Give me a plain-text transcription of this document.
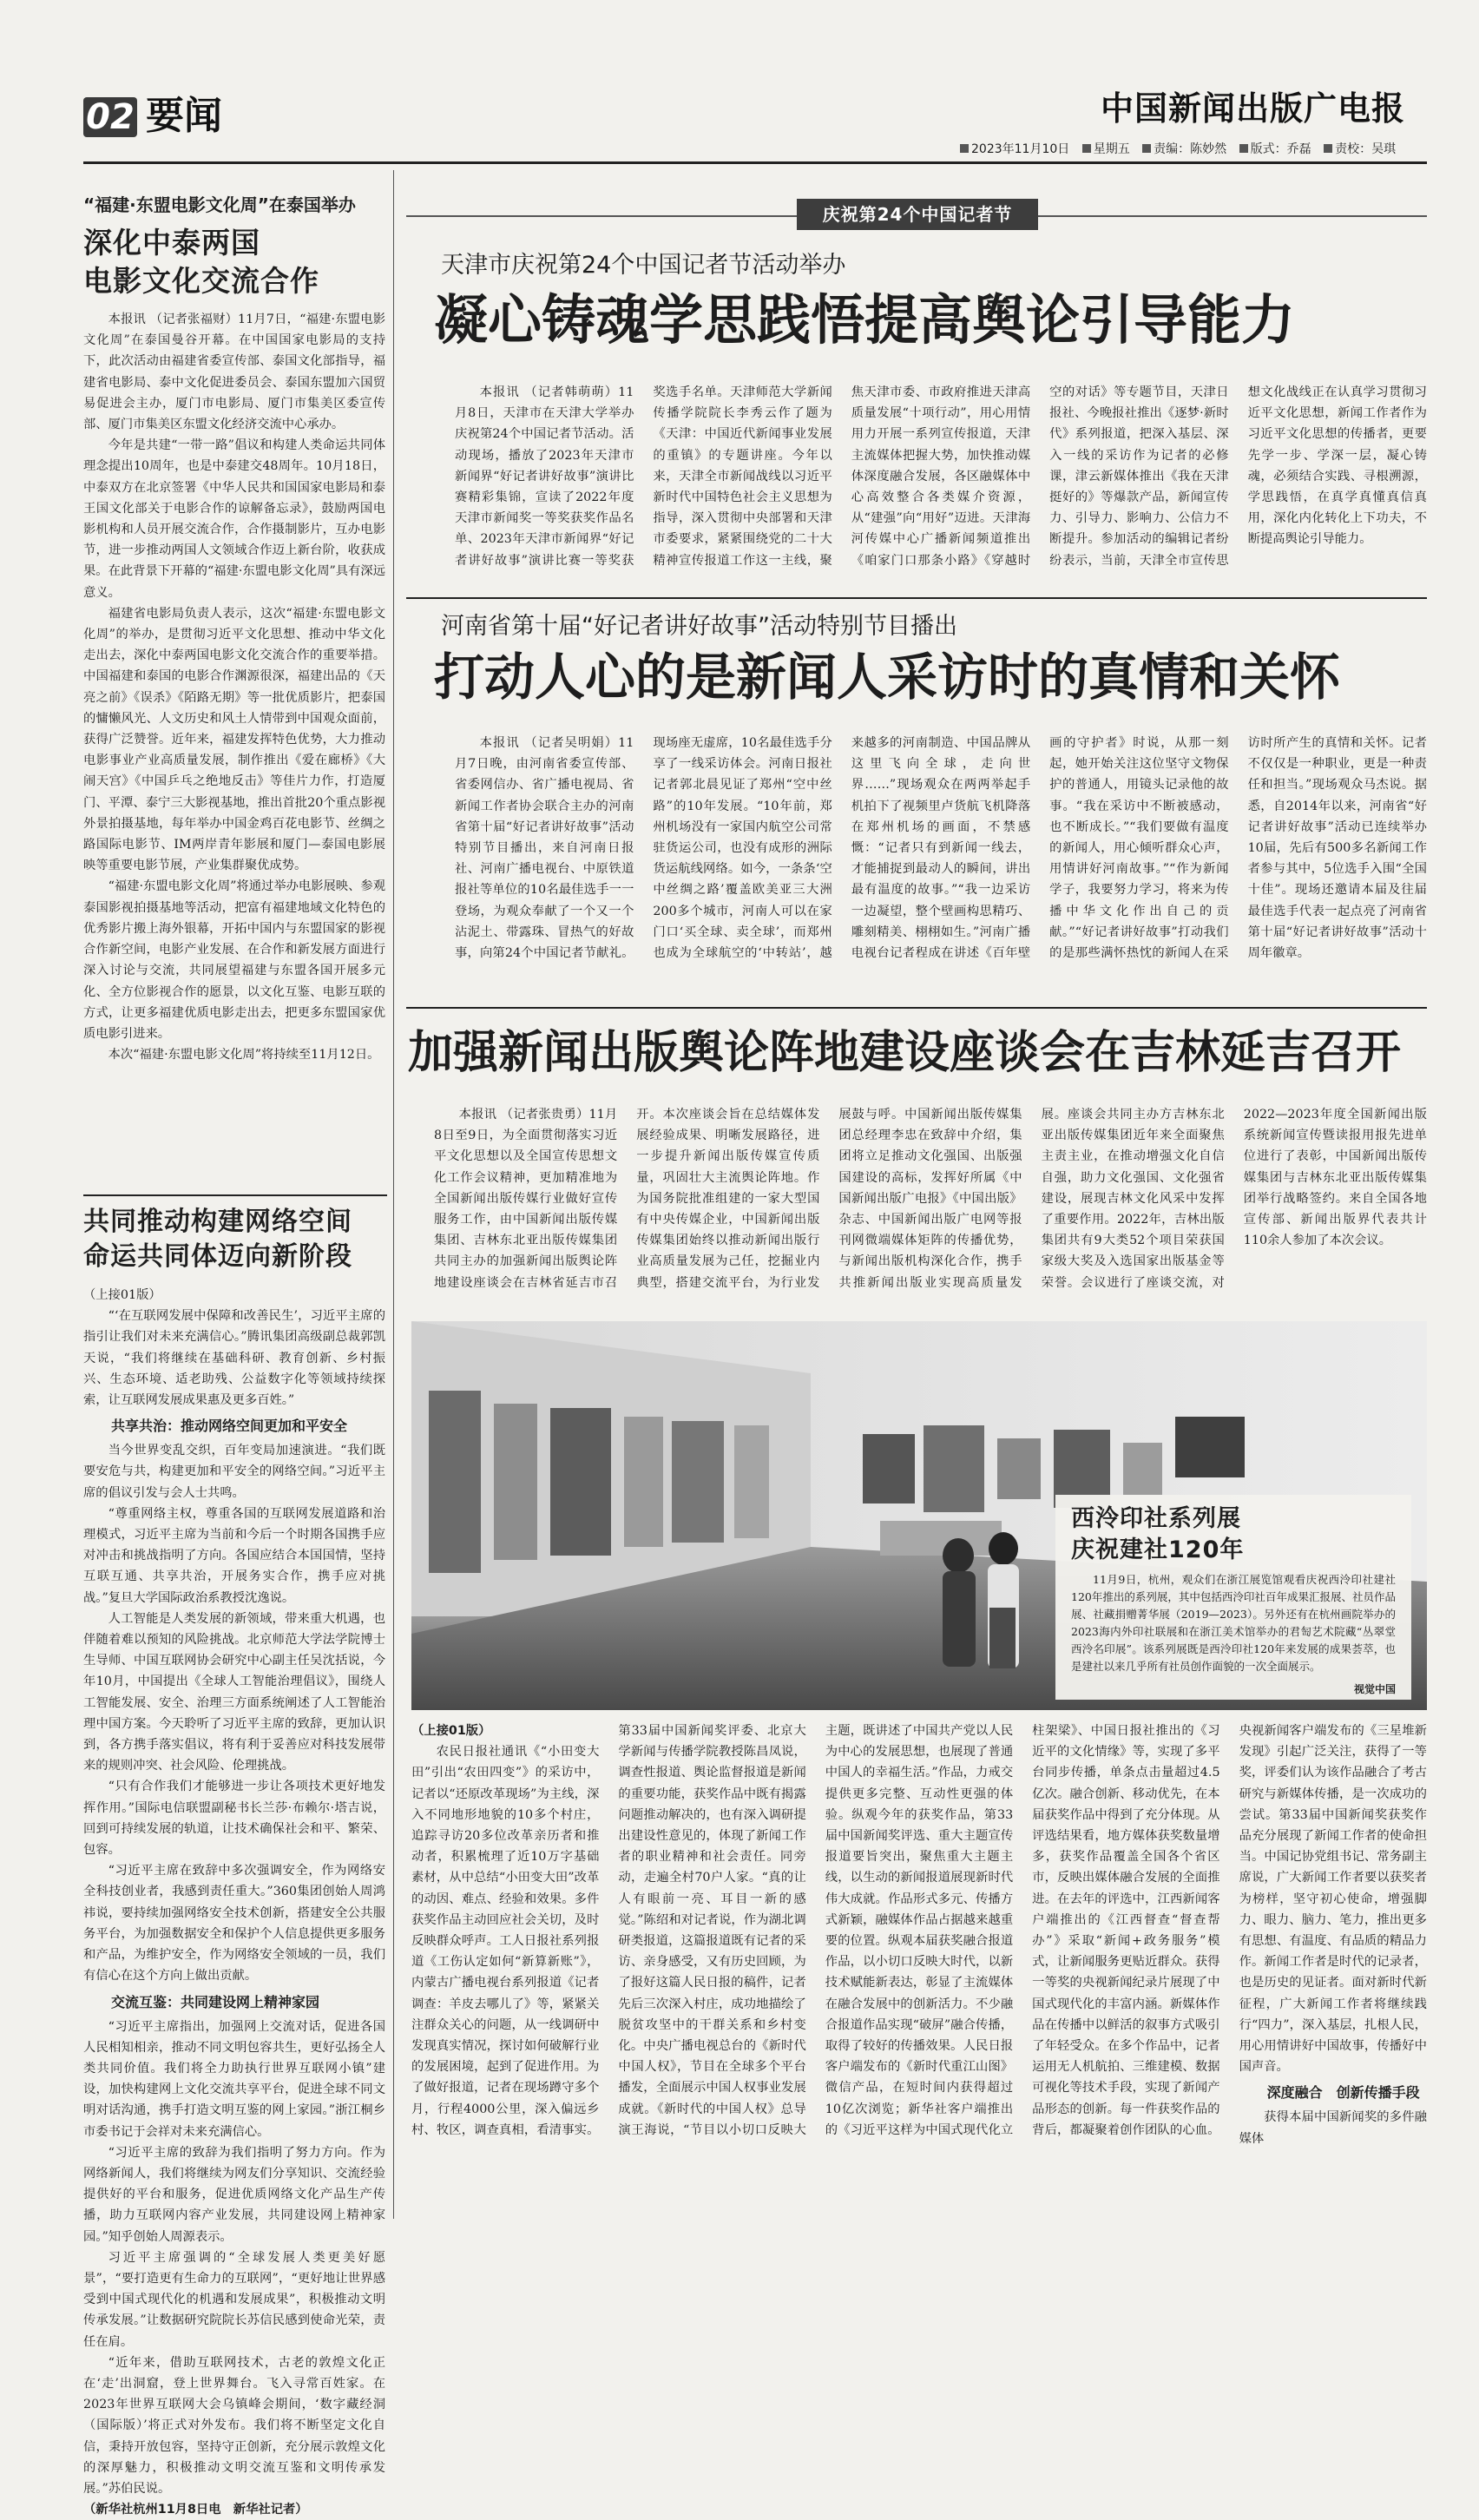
02 要闻	中国新闻出版广电报
2023年11月10日 星期五 责编：陈妙然 版式：乔磊 责校：吴琪
“福建·东盟电影文化周”在泰国举办
深化中泰两国
电影文化交流合作

本报讯 （记者张福财）11月7日，“福建·东盟电影文化周”在泰国曼谷开幕。在中国国家电影局的支持下，此次活动由福建省委宣传部、泰国文化部指导，福建省电影局、泰中文化促进委员会、泰国东盟加六国贸易促进会主办，厦门市电影局、厦门市集美区委宣传部、厦门市集美区东盟文化经济交流中心承办。

今年是共建“一带一路”倡议和构建人类命运共同体理念提出10周年，也是中泰建交48周年。10月18日，中泰双方在北京签署《中华人民共和国国家电影局和泰王国文化部关于电影合作的谅解备忘录》，鼓励两国电影机构和人员开展交流合作，合作摄制影片，互办电影节，进一步推动两国人文领域合作迈上新台阶，收获成果。在此背景下开幕的“福建·东盟电影文化周”具有深远意义。

福建省电影局负责人表示，这次“福建·东盟电影文化周”的举办，是贯彻习近平文化思想、推动中华文化走出去，深化中泰两国电影文化交流合作的重要举措。中国福建和泰国的电影合作渊源很深，福建出品的《天亮之前》《误杀》《陌路无期》等一批优质影片，把泰国的慵懒风光、人文历史和风土人情带到中国观众面前，获得广泛赞誉。近年来，福建发挥特色优势，大力推动电影事业产业高质量发展，制作推出《爱在廊桥》《大闹天宫》《中国乒乓之绝地反击》等佳片力作，打造厦门、平潭、泰宁三大影视基地，推出首批20个重点影视外景拍摄基地，每年举办中国金鸡百花电影节、丝绸之路国际电影节、IM两岸青年影展和厦门—泰国电影展映等重要电影节展，产业集群聚优成势。

“福建·东盟电影文化周”将通过举办电影展映、参观泰国影视拍摄基地等活动，把富有福建地域文化特色的优秀影片搬上海外银幕，开拓中国内与东盟国家的影视合作新空间，电影产业发展、在合作和新发展方面进行深入讨论与交流，共同展望福建与东盟各国开展多元化、全方位影视合作的愿景，以文化互鉴、电影互联的方式，让更多福建优质电影走出去，把更多东盟国家优质电影引进来。

本次“福建·东盟电影文化周”将持续至11月12日。

共同推动构建网络空间
命运共同体迈向新阶段

（上接01版）

“‘在互联网发展中保障和改善民生’，习近平主席的指引让我们对未来充满信心。”腾讯集团高级副总裁郭凯天说，“我们将继续在基础科研、教育创新、乡村振兴、生态环境、适老助残、公益数字化等领域持续探索，让互联网发展成果惠及更多百姓。”

共享共治：推动网络空间更加和平安全

当今世界变乱交织，百年变局加速演进。“我们既要安危与共，构建更加和平安全的网络空间。”习近平主席的倡议引发与会人士共鸣。

“尊重网络主权，尊重各国的互联网发展道路和治理模式，习近平主席为当前和今后一个时期各国携手应对冲击和挑战指明了方向。各国应结合本国国情，坚持互联互通、共享共治，开展务实合作，携手应对挑战。”复旦大学国际政治系教授沈逸说。

人工智能是人类发展的新领域，带来重大机遇，也伴随着难以预知的风险挑战。北京师范大学法学院博士生导师、中国互联网协会研究中心副主任吴沈括说，今年10月，中国提出《全球人工智能治理倡议》，围绕人工智能发展、安全、治理三方面系统阐述了人工智能治理中国方案。今天聆听了习近平主席的致辞，更加认识到，各方携手落实倡议，将有利于妥善应对科技发展带来的规则冲突、社会风险、伦理挑战。

“只有合作我们才能够进一步让各项技术更好地发挥作用。”国际电信联盟副秘书长兰莎·布赖尔·塔吉说，回到可持续发展的轨道，让技术确保社会和平、繁荣、包容。

“习近平主席在致辞中多次强调安全，作为网络安全科技创业者，我感到责任重大。”360集团创始人周鸿祎说，要持续加强网络安全技术创新，搭建安全公共服务平台，为加强数据安全和保护个人信息提供更多服务和产品，为维护安全，作为网络安全领域的一员，我们有信心在这个方向上做出贡献。

交流互鉴：共同建设网上精神家园

“习近平主席指出，加强网上交流对话，促进各国人民相知相亲，推动不同文明包容共生，更好弘扬全人类共同价值。我们将全力助执行世界互联网小镇”建设，加快构建网上文化交流共享平台，促进全球不同文明对话沟通，携手打造文明互鉴的网上家园。”浙江桐乡市委书记于会祥对未来充满信心。

“习近平主席的致辞为我们指明了努力方向。作为网络新闻人，我们将继续为网友们分享知识、交流经验提供好的平台和服务，促进优质网络文化产品生产传播，助力互联网内容产业发展，共同建设网上精神家园。”知乎创始人周源表示。

习近平主席强调的“全球发展人类更美好愿景”，“要打造更有生命力的互联网”，“更好地让世界感受到中国式现代化的机遇和发展成果”，积极推动文明传承发展。”让数据研究院院长苏信民感到使命光荣，责任在肩。

“近年来，借助互联网技术，古老的敦煌文化正在‘走’出洞窟，登上世界舞台。飞入寻常百姓家。在2023年世界互联网大会乌镇峰会期间，‘数字藏经洞（国际版）’将正式对外发布。我们将不断坚定文化自信，秉持开放包容，坚持守正创新，充分展示敦煌文化的深厚魅力，积极推动文明交流互鉴和文明传承发展。”苏伯民说。

（新华社杭州11月8日电　新华社记者）

庆祝第24个中国记者节
天津市庆祝第24个中国记者节活动举办
凝心铸魂学思践悟提高舆论引导能力

本报讯 （记者韩萌萌）11月8日，天津市在天津大学举办庆祝第24个中国记者节活动。活动现场，播放了2023年天津市新闻界“好记者讲好故事”演讲比赛精彩集锦，宣读了2022年度天津市新闻奖一等奖获奖作品名单、2023年天津市新闻界“好记者讲好故事”演讲比赛一等奖获奖选手名单。天津师范大学新闻传播学院院长李秀云作了题为《天津：中国近代新闻事业发展的重镇》的专题讲座。今年以来，天津全市新闻战线以习近平新时代中国特色社会主义思想为指导，深入贯彻中央部署和天津市委要求，紧紧围绕党的二十大精神宣传报道工作这一主线，聚焦天津市委、市政府推进天津高质量发展“十项行动”，用心用情用力开展一系列宣传报道，天津主流媒体把握大势，加快推动媒体深度融合发展，各区融媒体中心高效整合各类媒介资源，从“建强”向“用好”迈进。天津海河传媒中心广播新闻频道推出《咱家门口那条小路》《穿越时空的对话》等专题节目，天津日报社、今晚报社推出《逐梦·新时代》系列报道，把深入基层、深入一线的采访作为记者的必修课，津云新媒体推出《我在天津挺好的》等爆款产品，新闻宣传力、引导力、影响力、公信力不断提升。参加活动的编辑记者纷纷表示，当前，天津全市宣传思想文化战线正在认真学习贯彻习近平文化思想，新闻工作者作为习近平文化思想的传播者，更要先学一步、学深一层，凝心铸魂，必须结合实践、寻根溯源，学思践悟，在真学真懂真信真用，深化内化转化上下功夫，不断提高舆论引导能力。

河南省第十届“好记者讲好故事”活动特别节目播出
打动人心的是新闻人采访时的真情和关怀

本报讯 （记者吴明娟）11月7日晚，由河南省委宣传部、省委网信办、省广播电视局、省新闻工作者协会联合主办的河南省第十届“好记者讲好故事”活动特别节目播出，来自河南日报社、河南广播电视台、中原铁道报社等单位的10名最佳选手一一登场，为观众奉献了一个又一个沾泥土、带露珠、冒热气的好故事，向第24个中国记者节献礼。现场座无虚席，10名最佳选手分享了一线采访体会。河南日报社记者郭北晨见证了郑州“空中丝路”的10年发展。“10年前，郑州机场没有一家国内航空公司常驻货运公司，也没有成形的洲际货运航线网络。如今，一条条‘空中丝绸之路’覆盖欧美亚三大洲200多个城市，河南人可以在家门口‘买全球、卖全球’，而郑州也成为全球航空的‘中转站’，越来越多的河南制造、中国品牌从这里飞向全球，走向世界……”现场观众在两两举起手机拍下了视频里卢货航飞机降落在郑州机场的画面，不禁感慨：“记者只有到新闻一线去，才能捕捉到最动人的瞬间，讲出最有温度的故事。”“我一边采访一边凝望，整个壁画构思精巧、雕刻精美、栩栩如生。”河南广播电视台记者程成在讲述《百年壁画的守护者》时说，从那一刻起，她开始关注这位坚守文物保护的普通人，用镜头记录他的故事。“我在采访中不断被感动，也不断成长。”“我们要做有温度的新闻人，用心倾听群众心声，用情讲好河南故事。”“作为新闻学子，我要努力学习，将来为传播中华文化作出自己的贡献。”“好记者讲好故事”打动我们的是那些满怀热忱的新闻人在采访时所产生的真情和关怀。记者不仅仅是一种职业，更是一种责任和担当。”现场观众马杰说。据悉，自2014年以来，河南省“好记者讲好故事”活动已连续举办10届，先后有500多名新闻工作者参与其中，5位选手入围“全国十佳”。现场还邀请本届及往届最佳选手代表一起点亮了河南省第十届“好记者讲好故事”活动十周年徽章。

加强新闻出版舆论阵地建设座谈会在吉林延吉召开

本报讯 （记者张贵勇）11月8日至9日，为全面贯彻落实习近平文化思想以及全国宣传思想文化工作会议精神，更加精准地为全国新闻出版传媒行业做好宣传服务工作，由中国新闻出版传媒集团、吉林东北亚出版传媒集团共同主办的加强新闻出版舆论阵地建设座谈会在吉林省延吉市召开。本次座谈会旨在总结媒体发展经验成果、明晰发展路径，进一步提升新闻出版传媒宣传质量，巩固壮大主流舆论阵地。作为国务院批准组建的一家大型国有中央传媒企业，中国新闻出版传媒集团始终以推动新闻出版行业高质量发展为己任，挖掘业内典型，搭建交流平台，为行业发展鼓与呼。中国新闻出版传媒集团总经理李忠在致辞中介绍，集团将立足推动文化强国、出版强国建设的高标，发挥好所属《中国新闻出版广电报》《中国出版》杂志、中国新闻出版广电网等报刊网微端媒体矩阵的传播优势，与新闻出版机构深化合作，携手共推新闻出版业实现高质量发展。座谈会共同主办方吉林东北亚出版传媒集团近年来全面聚焦主责主业，在推动增强文化自信自强，助力文化强国、文化强省建设，展现吉林文化风采中发挥了重要作用。2022年，吉林出版集团共有9大类52个项目荣获国家级大奖及入选国家出版基金等荣誉。会议进行了座谈交流，对2022—2023年度全国新闻出版系统新闻宣传暨读报用报先进单位进行了表彰，中国新闻出版传媒集团与吉林东北亚出版传媒集团举行战略签约。来自全国各地宣传部、新闻出版界代表共计110余人参加了本次会议。

西泠印社系列展
庆祝建社120年

11月9日，杭州，观众们在浙江展览馆观看庆祝西泠印社建社120年推出的系列展，其中包括西泠印社百年成果汇报展、社员作品展、社藏捐赠菁华展（2019—2023）。另外还有在杭州画院举办的2023海内外印社联展和在浙江美术馆举办的君匋艺术院藏“丛翠堂西泠名印展”。该系列展既是西泠印社120年来发展的成果荟萃，也是建社以来几乎所有社员创作面貌的一次全面展示。

视觉中国

（上接01版）

农民日报社通讯《“小田变大田”引出“农田四变”》的采访中，记者以“还原改革现场”为主线，深入不同地形地貌的10多个村庄，追踪寻访20多位改革亲历者和推动者，积累梳理了近10万字基础素材，从中总结“小田变大田”改革的动因、难点、经验和效果。多件获奖作品主动回应社会关切，及时反映群众呼声。工人日报社系列报道《工伤认定如何“新算新账”》，内蒙古广播电视台系列报道《记者调查：羊皮去哪儿了》等，紧紧关注群众关心的问题，从一线调研中发现真实情况，探讨如何破解行业的发展困境，起到了促进作用。为了做好报道，记者在现场蹲守多个月，行程4000公里，深入偏远乡村、牧区，调查真相，看清事实。第33届中国新闻奖评委、北京大学新闻与传播学院教授陈昌凤说，调查性报道、舆论监督报道是新闻的重要功能，获奖作品中既有揭露问题推动解决的，也有深入调研提出建设性意见的，体现了新闻工作者的职业精神和社会责任。同旁动，走遍全村70户人家。“真的让人有眼前一亮、耳目一新的感觉。”陈绍和对记者说，作为湖北调研类报道，这篇报道既有记者的采访、亲身感受，又有历史回顾，为了报好这篇人民日报的稿件，记者先后三次深入村庄，成功地描绘了脱贫攻坚中的干群关系和乡村变化。中央广播电视总台的《新时代中国人权》，节目在全球多个平台播发，全面展示中国人权事业发展成就。《新时代的中国人权》总导演王海说，“节目以小切口反映大主题，既讲述了中国共产党以人民为中心的发展思想，也展现了普通中国人的幸福生活。”作品，力戒交提供更多完整、互动性更强的体验。纵观今年的获奖作品，第33届中国新闻奖评选、重大主题宣传报道要旨突出，聚焦重大主题主线，以生动的新闻报道展现新时代伟大成就。作品形式多元、传播方式新颖，融媒体作品占据越来越重要的位置。纵观本届获奖融合报道作品，以小切口反映大时代，以新技术赋能新表达，彰显了主流媒体在融合发展中的创新活力。不少融合报道作品实现“破屏”融合传播，取得了较好的传播效果。人民日报客户端发布的《新时代重江山图》微信产品，在短时间内获得超过10亿次浏览；新华社客户端推出的《习近平这样为中国式现代化立柱架梁》、中国日报社推出的《习近平的文化情缘》等，实现了多平台同步传播，单条点击量超过4.5亿次。融合创新、移动优先，在本届获奖作品中得到了充分体现。从评选结果看，地方媒体获奖数量增多，获奖作品覆盖全国各个省区市，反映出媒体融合发展的全面推进。在去年的评选中，江西新闻客户端推出的《江西督查“督查帮办”》采取“新闻+政务服务”模式，让新闻服务更贴近群众。获得一等奖的央视新闻纪录片展现了中国式现代化的丰富内涵。新媒体作品在传播中以鲜活的叙事方式吸引了年轻受众。在多个作品中，记者运用无人机航拍、三维建模、数据可视化等技术手段，实现了新闻产品形态的创新。每一件获奖作品的背后，都凝聚着创作团队的心血。央视新闻客户端发布的《三星堆新发现》引起广泛关注，获得了一等奖，评委们认为该作品融合了考古研究与新媒体传播，是一次成功的尝试。第33届中国新闻奖获奖作品充分展现了新闻工作者的使命担当。中国记协党组书记、常务副主席说，广大新闻工作者要以获奖者为榜样，坚守初心使命，增强脚力、眼力、脑力、笔力，推出更多有思想、有温度、有品质的精品力作。新闻工作者是时代的记录者，也是历史的见证者。面对新时代新征程，广大新闻工作者将继续践行“四力”，深入基层，扎根人民，用心用情讲好中国故事，传播好中国声音。

深度融合　创新传播手段

获得本届中国新闻奖的多件融媒体
